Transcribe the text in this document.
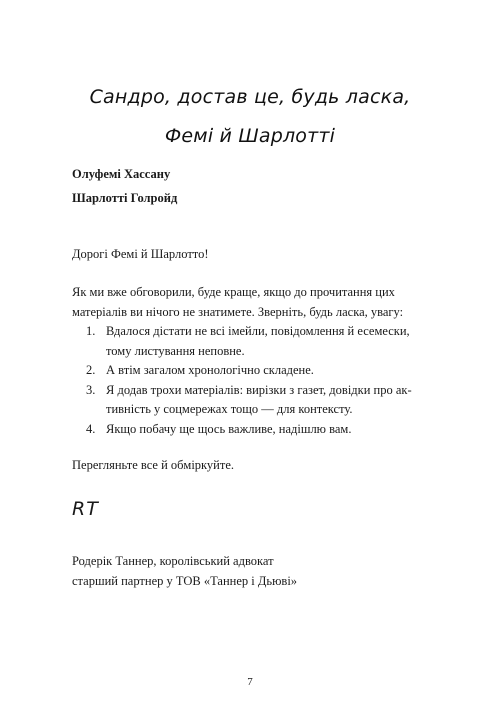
Сандро, достав це, будь ласка,
Фемі й Шарлотті
Олуфемі Хассану
Шарлотті Голройд
Дорогі Фемі й Шарлотто!
Як ми вже обговорили, буде краще, якщо до прочитання цих
матеріалів ви нічого не знатимете. Зверніть, будь ласка, увагу:
1. Вдалося дістати не всі імейли, повідомлення й есемески,
тому листування неповне.
2. А втім загалом хронологічно складене.
3. Я додав трохи матеріалів: вирізки з газет, довідки про ак-
тивність у соцмережах тощо — для контексту.
4. Якщо побачу ще щось важливе, надішлю вам.
Перегляньте все й обміркуйте.
RT
Родерік Таннер, королівський адвокат
старший партнер у ТОВ «Таннер і Дьюві»
7
